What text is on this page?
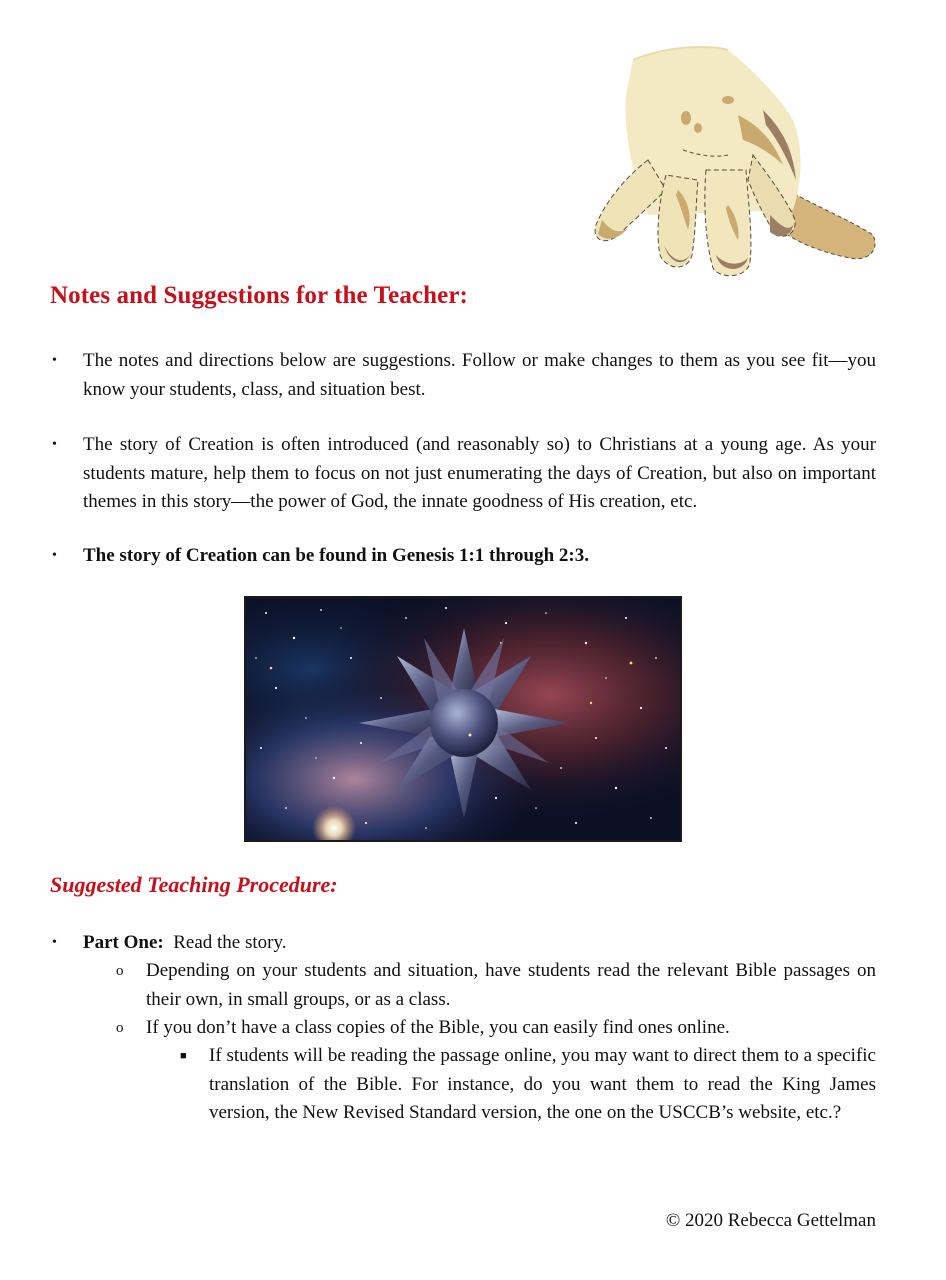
Notes and Suggestions for the Teacher:
•	The notes and directions below are suggestions. Follow or make changes to them as you see fit—you know your students, class, and situation best.
•	The story of Creation is often introduced (and reasonably so) to Christians at a young age. As your students mature, help them to focus on not just enumerating the days of Creation, but also on important themes in this story—the power of God, the innate goodness of His creation, etc.
•	The story of Creation can be found in Genesis 1:1 through 2:3.
Suggested Teaching Procedure:
•	Part One:  Read the story.
o	Depending on your students and situation, have students read the relevant Bible passages on their own, in small groups, or as a class.
o	If you don’t have a class copies of the Bible, you can easily find ones online.
■	If students will be reading the passage online, you may want to direct them to a specific translation of the Bible. For instance, do you want them to read the King James version, the New Revised Standard version, the one on the USCCB’s website, etc.?
© 2020 Rebecca Gettelman
